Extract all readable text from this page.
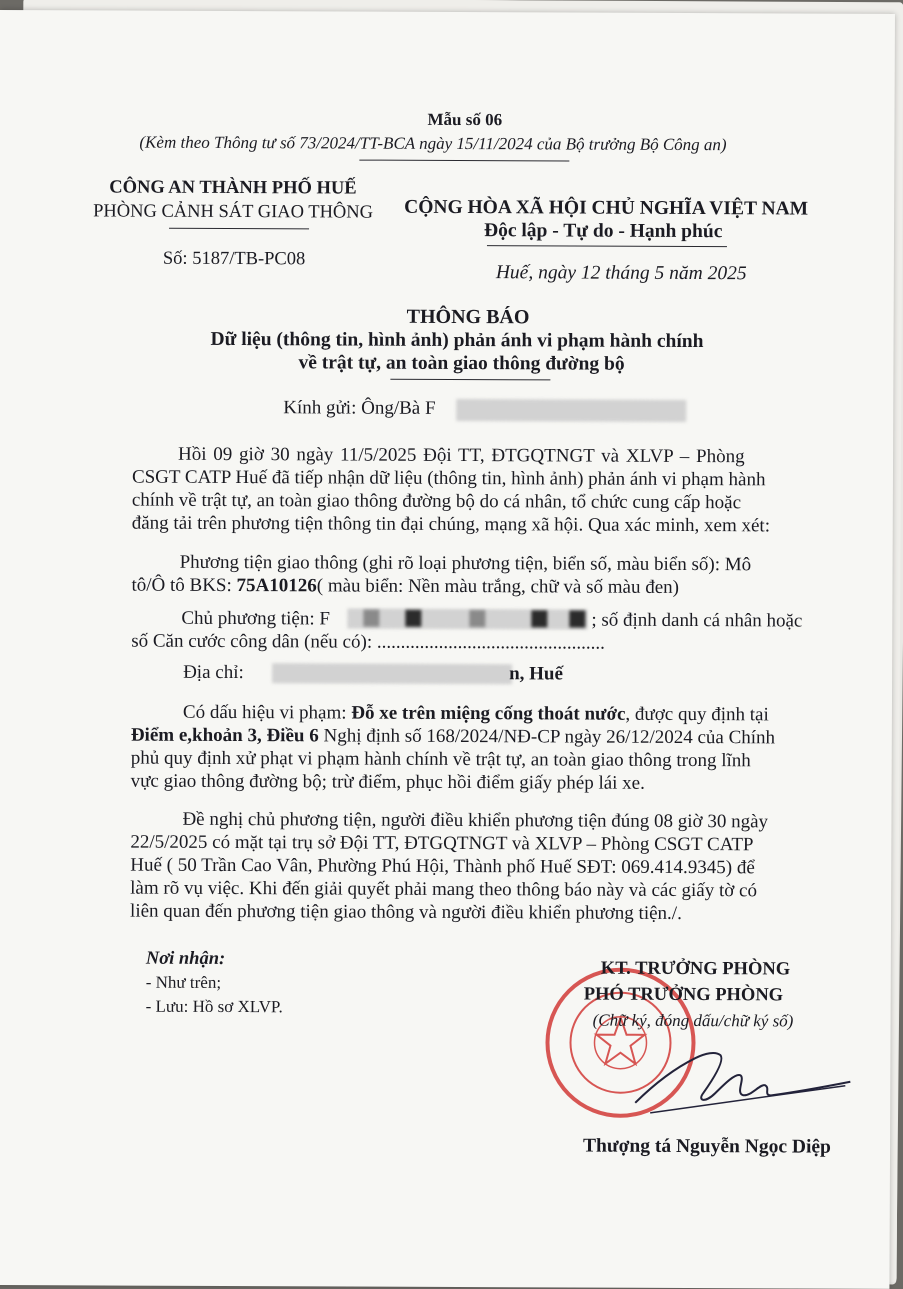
Mẫu số 06
(Kèm theo Thông tư số 73/2024/TT-BCA ngày 15/11/2024 của Bộ trưởng Bộ Công an)
CÔNG AN THÀNH PHỐ HUẾ
PHÒNG CẢNH SÁT GIAO THÔNG
Số: 5187/TB-PC08
CỘNG HÒA XÃ HỘI CHỦ NGHĨA VIỆT NAM
Độc lập - Tự do - Hạnh phúc
Huế, ngày 12 tháng 5 năm 2025
THÔNG BÁO
Dữ liệu (thông tin, hình ảnh) phản ánh vi phạm hành chính
về trật tự, an toàn giao thông đường bộ
Kính gửi: Ông/Bà F
Hồi 09 giờ 30 ngày 11/5/2025 Đội TT, ĐTGQTNGT và XLVP – Phòng
CSGT CATP Huế đã tiếp nhận dữ liệu (thông tin, hình ảnh) phản ánh vi phạm hành
chính về trật tự, an toàn giao thông đường bộ do cá nhân, tổ chức cung cấp hoặc
đăng tải trên phương tiện thông tin đại chúng, mạng xã hội. Qua xác minh, xem xét:
Phương tiện giao thông (ghi rõ loại phương tiện, biển số, màu biển số): Mô
tô/Ô tô BKS: 75A10126( màu biển: Nền màu trắng, chữ và số màu đen)
Chủ phương tiện: F	; số định danh cá nhân hoặc
số Căn cước công dân (nếu có): ................................................
Địa chỉ:	n, Huế
Có dấu hiệu vi phạm: Đỗ xe trên miệng cống thoát nước, được quy định tại
Điểm e,khoản 3, Điều 6 Nghị định số 168/2024/NĐ-CP ngày 26/12/2024 của Chính
phủ quy định xử phạt vi phạm hành chính về trật tự, an toàn giao thông trong lĩnh
vực giao thông đường bộ; trừ điểm, phục hồi điểm giấy phép lái xe.
Đề nghị chủ phương tiện, người điều khiển phương tiện đúng 08 giờ 30 ngày
22/5/2025 có mặt tại trụ sở Đội TT, ĐTGQTNGT và XLVP – Phòng CSGT CATP
Huế ( 50 Trần Cao Vân, Phường Phú Hội, Thành phố Huế SĐT: 069.414.9345) để
làm rõ vụ việc. Khi đến giải quyết phải mang theo thông báo này và các giấy tờ có
liên quan đến phương tiện giao thông và người điều khiển phương tiện./.
Nơi nhận:
- Như trên;
- Lưu: Hồ sơ XLVP.
KT. TRƯỞNG PHÒNG
PHÓ TRƯỞNG PHÒNG
(Chữ ký, đóng dấu/chữ ký số)
Thượng tá Nguyễn Ngọc Diệp
